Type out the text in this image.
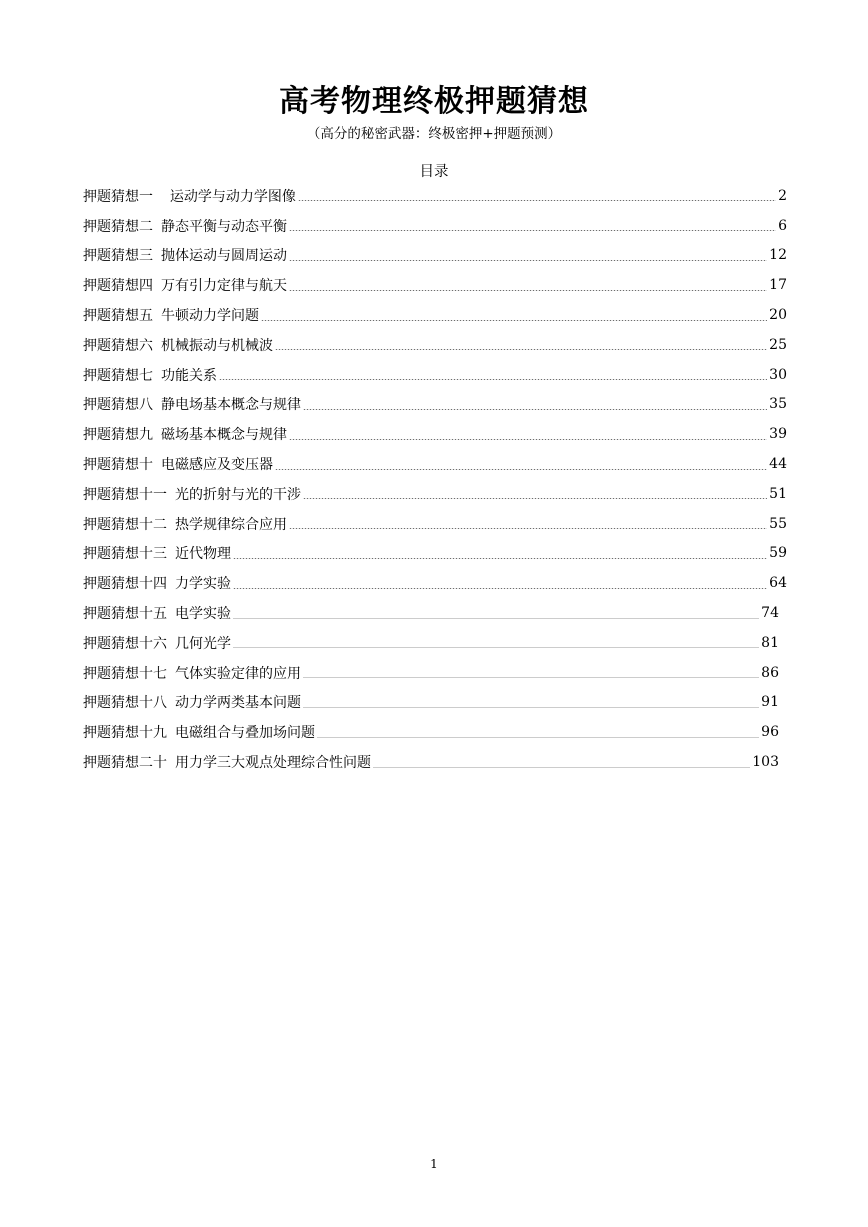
高考物理终极押题猜想
（高分的秘密武器：终极密押+押题预测）
目录
押题猜想一 运动学与动力学图像	2
押题猜想二 静态平衡与动态平衡	6
押题猜想三 抛体运动与圆周运动	12
押题猜想四 万有引力定律与航天	17
押题猜想五 牛顿动力学问题	20
押题猜想六 机械振动与机械波	25
押题猜想七 功能关系	30
押题猜想八 静电场基本概念与规律	35
押题猜想九 磁场基本概念与规律	39
押题猜想十 电磁感应及变压器	44
押题猜想十一 光的折射与光的干涉	51
押题猜想十二 热学规律综合应用	55
押题猜想十三 近代物理	59
押题猜想十四 力学实验	64
押题猜想十五 电学实验	74
押题猜想十六 几何光学	81
押题猜想十七 气体实验定律的应用	86
押题猜想十八 动力学两类基本问题	91
押题猜想十九 电磁组合与叠加场问题	96
押题猜想二十 用力学三大观点处理综合性问题	103
1
